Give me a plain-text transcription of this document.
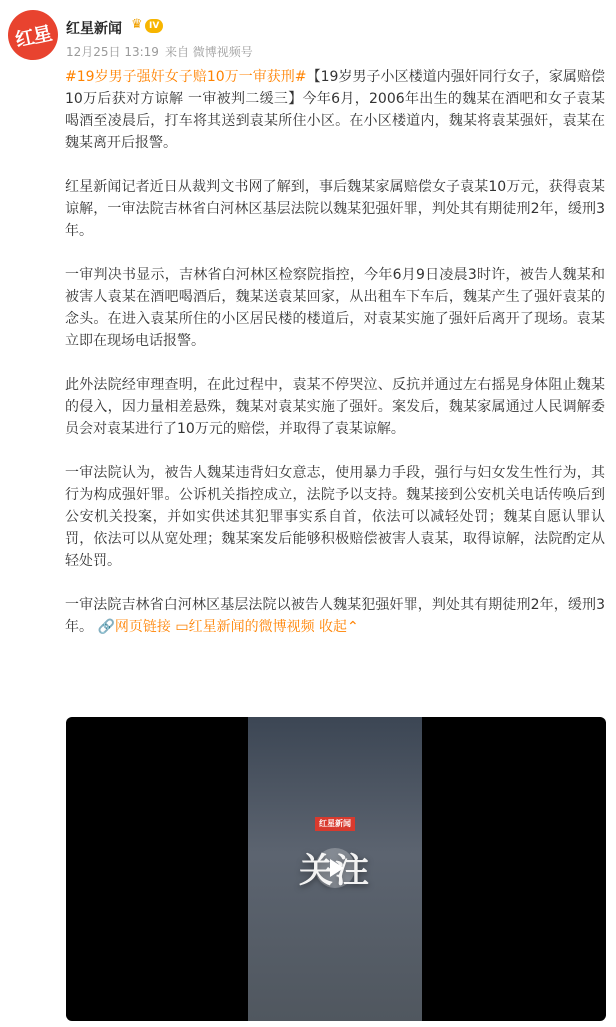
红星 红星新闻 ♛ IV
12月25日 13:19 来自 微博视频号

#19岁男子强奸女子赔10万一审获刑#【19岁男子小区楼道内强奸同行女子，家属赔偿10万后获对方谅解 一审被判二缓三】今年6月，2006年出生的魏某在酒吧和女子袁某喝酒至凌晨后，打车将其送到袁某所住小区。在小区楼道内，魏某将袁某强奸，袁某在魏某离开后报警。

红星新闻记者近日从裁判文书网了解到，事后魏某家属赔偿女子袁某10万元，获得袁某谅解，一审法院吉林省白河林区基层法院以魏某犯强奸罪，判处其有期徒刑2年，缓刑3年。

一审判决书显示，吉林省白河林区检察院指控，今年6月9日凌晨3时许，被告人魏某和被害人袁某在酒吧喝酒后，魏某送袁某回家，从出租车下车后，魏某产生了强奸袁某的念头。在进入袁某所住的小区居民楼的楼道后，对袁某实施了强奸后离开了现场。袁某立即在现场电话报警。

此外法院经审理查明，在此过程中，袁某不停哭泣、反抗并通过左右摇晃身体阻止魏某的侵入，因力量相差悬殊，魏某对袁某实施了强奸。案发后，魏某家属通过人民调解委员会对袁某进行了10万元的赔偿，并取得了袁某谅解。

一审法院认为，被告人魏某违背妇女意志，使用暴力手段，强行与妇女发生性行为，其行为构成强奸罪。公诉机关指控成立，法院予以支持。魏某接到公安机关电话传唤后到公安机关投案，并如实供述其犯罪事实系自首，依法可以减轻处罚；魏某自愿认罪认罚，依法可以从宽处理；魏某案发后能够积极赔偿被害人袁某，取得谅解，法院酌定从轻处罚。

一审法院吉林省白河林区基层法院以被告人魏某犯强奸罪，判处其有期徒刑2年，缓刑3年。 🔗网页链接 ▭红星新闻的微博视频 收起⌃

红星新闻
关注
